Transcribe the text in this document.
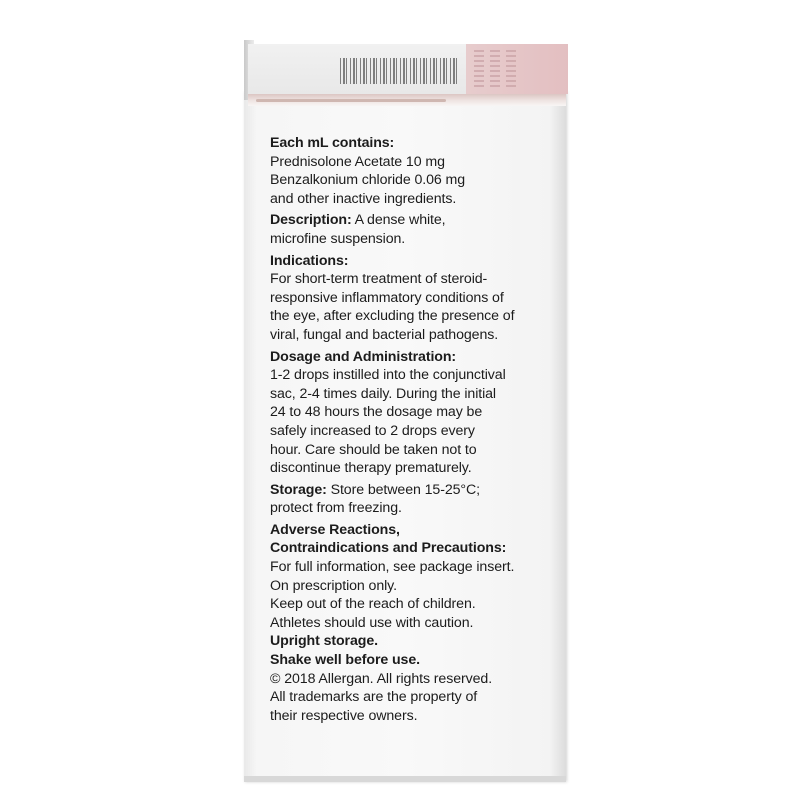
Each mL contains:

Prednisolone Acetate 10 mg

Benzalkonium chloride 0.06 mg

and other inactive ingredients.

Description: A dense white,

microfine suspension.

Indications:

For short-term treatment of steroid-

responsive inflammatory conditions of

the eye, after excluding the presence of

viral, fungal and bacterial pathogens.

Dosage and Administration:

1-2 drops instilled into the conjunctival

sac, 2-4 times daily. During the initial

24 to 48 hours the dosage may be

safely increased to 2 drops every

hour. Care should be taken not to

discontinue therapy prematurely.

Storage: Store between 15-25°C;

protect from freezing.

Adverse Reactions,

Contraindications and Precautions:

For full information, see package insert.

On prescription only.

Keep out of the reach of children.

Athletes should use with caution.

Upright storage.

Shake well before use.

© 2018 Allergan. All rights reserved.

All trademarks are the property of

their respective owners.
